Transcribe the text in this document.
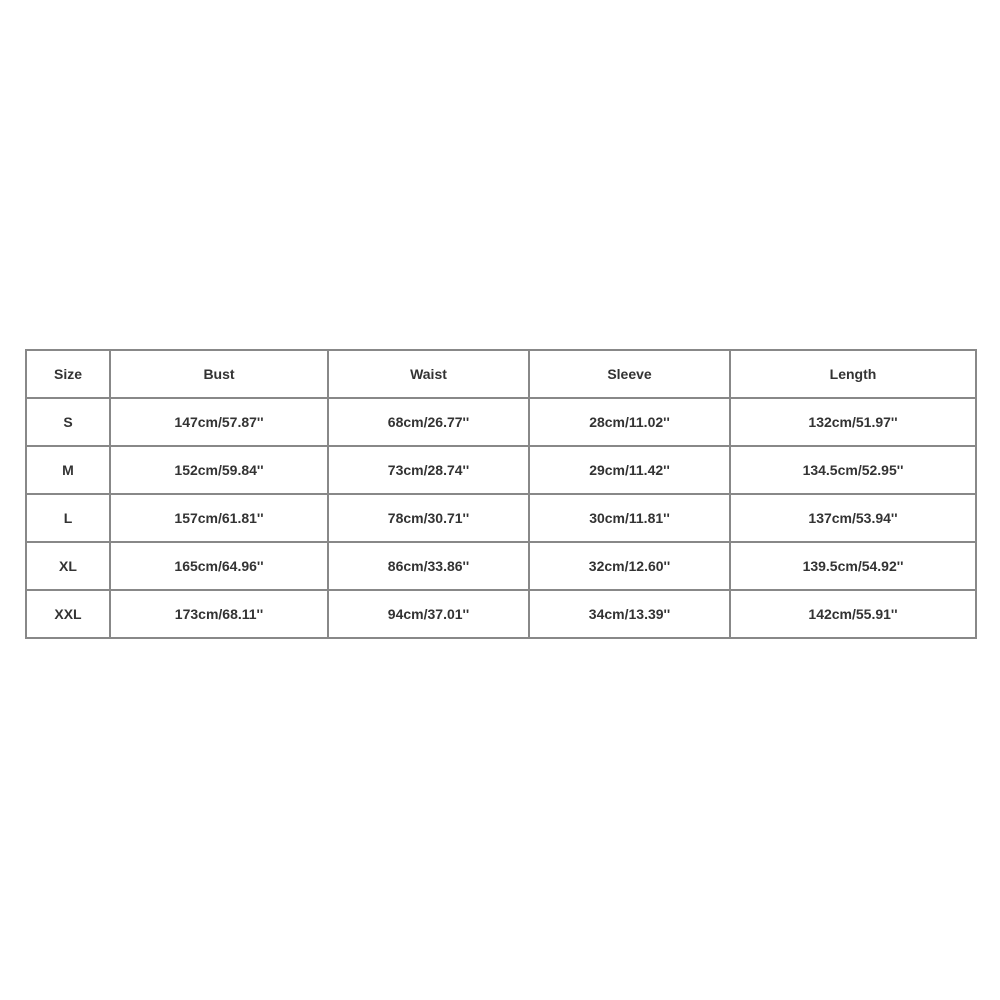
Size	Bust	Waist	Sleeve	Length
S	147cm/57.87''	68cm/26.77''	28cm/11.02''	132cm/51.97''
M	152cm/59.84''	73cm/28.74''	29cm/11.42''	134.5cm/52.95''
L	157cm/61.81''	78cm/30.71''	30cm/11.81''	137cm/53.94''
XL	165cm/64.96''	86cm/33.86''	32cm/12.60''	139.5cm/54.92''
XXL	173cm/68.11''	94cm/37.01''	34cm/13.39''	142cm/55.91''
